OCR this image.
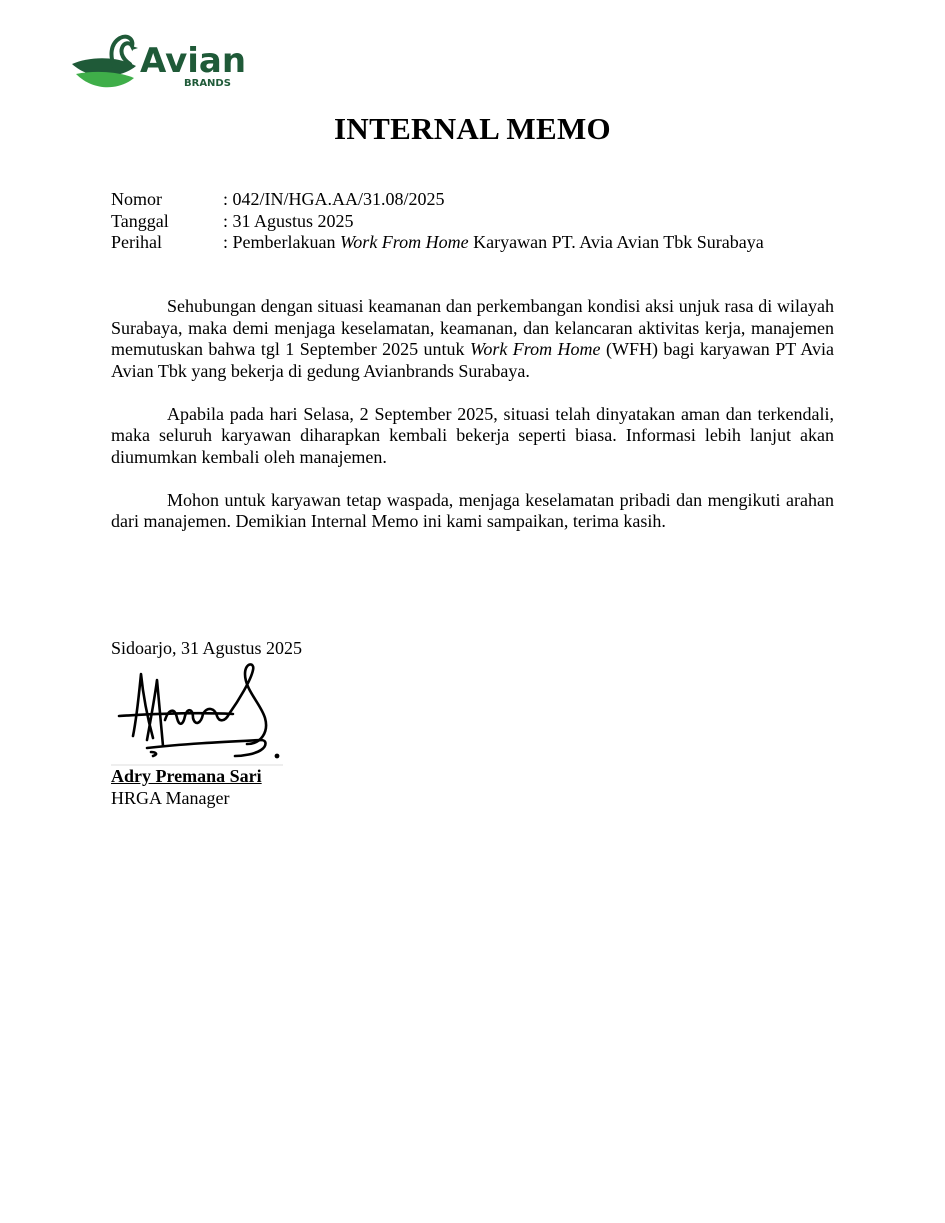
Avian
BRANDS
INTERNAL MEMO
Nomor	: 042/IN/HGA.AA/31.08/2025
Tanggal	: 31 Agustus 2025
Perihal	: Pemberlakuan Work From Home Karyawan PT. Avia Avian Tbk Surabaya

Sehubungan dengan situasi keamanan dan perkembangan kondisi aksi unjuk rasa di wilayah Surabaya, maka demi menjaga keselamatan, keamanan, dan kelancaran aktivitas kerja, manajemen memutuskan bahwa tgl 1 September 2025 untuk Work From Home (WFH) bagi karyawan PT Avia Avian Tbk yang bekerja di gedung Avianbrands Surabaya.

Apabila pada hari Selasa, 2 September 2025, situasi telah dinyatakan aman dan terkendali, maka seluruh karyawan diharapkan kembali bekerja seperti biasa. Informasi lebih lanjut akan diumumkan kembali oleh manajemen.

Mohon untuk karyawan tetap waspada, menjaga keselamatan pribadi dan mengikuti arahan dari manajemen. Demikian Internal Memo ini kami sampaikan, terima kasih.

Sidoarjo, 31 Agustus 2025
Adry Premana Sari
HRGA Manager
